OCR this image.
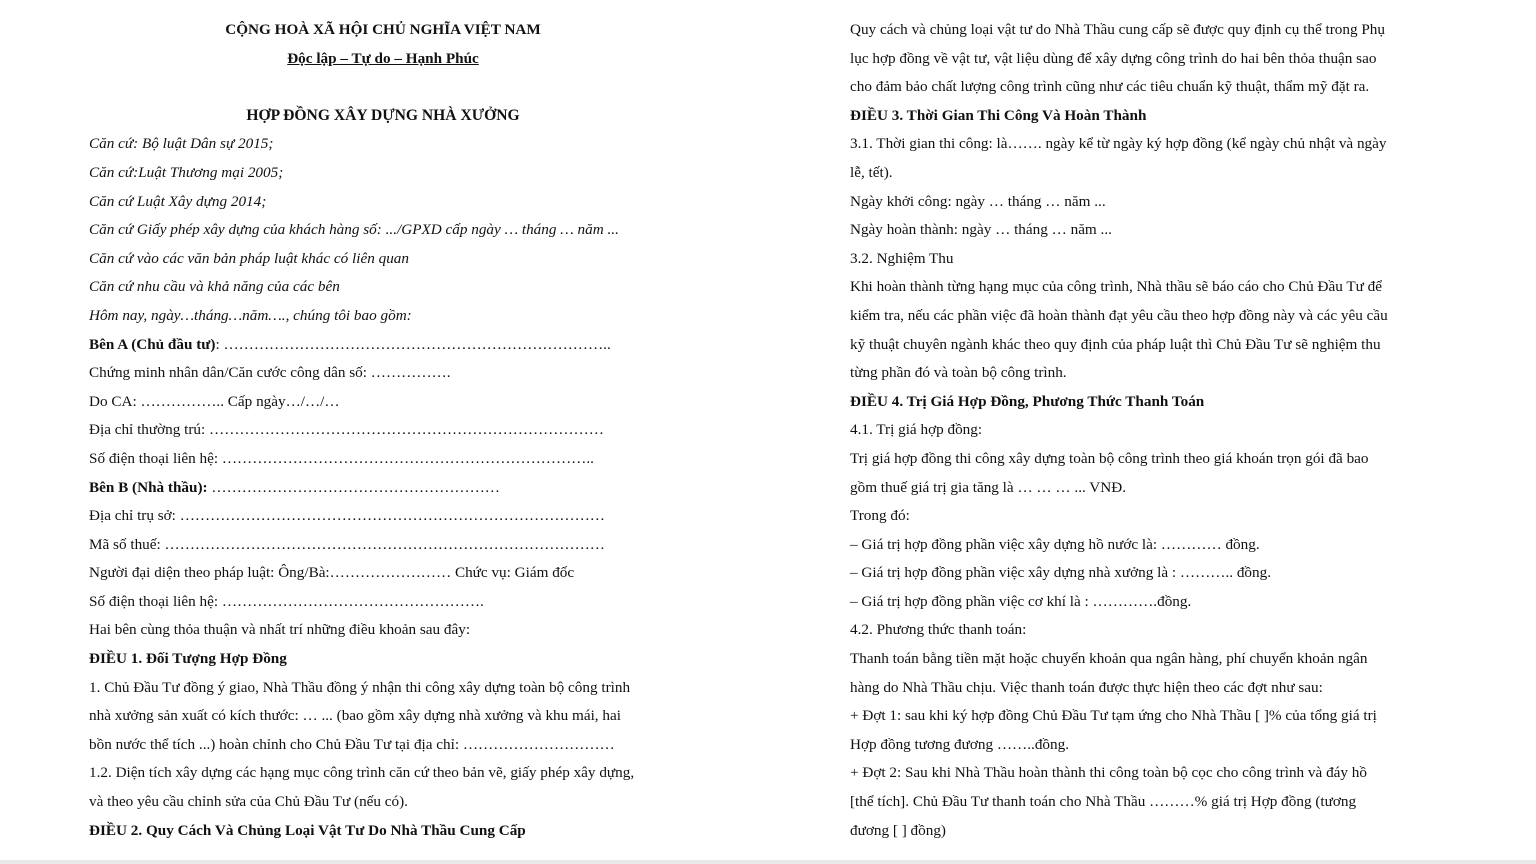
CỘNG HOÀ XÃ HỘI CHỦ NGHĨA VIỆT NAM
Độc lập – Tự do – Hạnh Phúc
HỢP ĐỒNG XÂY DỰNG NHÀ XƯỞNG
Căn cứ: Bộ luật Dân sự 2015;
Căn cứ:Luật Thương mại 2005;
Căn cứ Luật Xây dựng 2014;
Căn cứ Giấy phép xây dựng của khách hàng số: .../GPXD cấp ngày … tháng … năm ...
Căn cứ vào các văn bản pháp luật khác có liên quan
Căn cứ nhu cầu và khả năng của các bên
Hôm nay, ngày…tháng…năm…., chúng tôi bao gồm:
Bên A (Chủ đầu tư): …………………………………………………………………..
Chứng minh nhân dân/Căn cước công dân số: …………….
Do CA: …………….. Cấp ngày…/…/…
Địa chỉ thường trú: ……………………………………………………………………
Số điện thoại liên hệ: ………………………………………………………………..
Bên B (Nhà thầu): …………………………………………………
Địa chỉ trụ sở: …………………………………………………………………………
Mã số thuế: ……………………………………………………………………………
Người đại diện theo pháp luật: Ông/Bà:…………………… Chức vụ: Giám đốc
Số điện thoại liên hệ: …………………………………………….
Hai bên cùng thỏa thuận và nhất trí những điều khoản sau đây:
ĐIỀU 1. Đối Tượng Hợp Đồng
1. Chủ Đầu Tư đồng ý giao, Nhà Thầu đồng ý nhận thi công xây dựng toàn bộ công trình
nhà xưởng sản xuất có kích thước: … ... (bao gồm xây dựng nhà xưởng và khu mái, hai
bồn nước thể tích ...) hoàn chỉnh cho Chủ Đầu Tư tại địa chỉ: …………………………
1.2. Diện tích xây dựng các hạng mục công trình căn cứ theo bản vẽ, giấy phép xây dựng,
và theo yêu cầu chỉnh sửa của Chủ Đầu Tư (nếu có).
ĐIỀU 2. Quy Cách Và Chủng Loại Vật Tư Do Nhà Thầu Cung Cấp
Quy cách và chủng loại vật tư do Nhà Thầu cung cấp sẽ được quy định cụ thể trong Phụ
lục hợp đồng về vật tư, vật liệu dùng để xây dựng công trình do hai bên thỏa thuận sao
cho đảm bảo chất lượng công trình cũng như các tiêu chuẩn kỹ thuật, thẩm mỹ đặt ra.
ĐIỀU 3. Thời Gian Thi Công Và Hoàn Thành
3.1. Thời gian thi công: là……. ngày kể từ ngày ký hợp đồng (kể ngày chủ nhật và ngày
lễ, tết).
Ngày khởi công: ngày … tháng … năm ...
Ngày hoàn thành: ngày … tháng … năm ...
3.2. Nghiệm Thu
Khi hoàn thành từng hạng mục của công trình, Nhà thầu sẽ báo cáo cho Chủ Đầu Tư để
kiểm tra, nếu các phần việc đã hoàn thành đạt yêu cầu theo hợp đồng này và các yêu cầu
kỹ thuật chuyên ngành khác theo quy định của pháp luật thì Chủ Đầu Tư sẽ nghiệm thu
từng phần đó và toàn bộ công trình.
ĐIỀU 4. Trị Giá Hợp Đồng, Phương Thức Thanh Toán
4.1. Trị giá hợp đồng:
Trị giá hợp đồng thi công xây dựng toàn bộ công trình theo giá khoán trọn gói đã bao
gồm thuế giá trị gia tăng là … … … ... VNĐ.
Trong đó:
– Giá trị hợp đồng phần việc xây dựng hồ nước là: ………… đồng.
– Giá trị hợp đồng phần việc xây dựng nhà xưởng là : ……….. đồng.
– Giá trị hợp đồng phần việc cơ khí là : ………….đồng.
4.2. Phương thức thanh toán:
Thanh toán bằng tiền mặt hoặc chuyển khoản qua ngân hàng, phí chuyển khoản ngân
hàng do Nhà Thầu chịu. Việc thanh toán được thực hiện theo các đợt như sau:
+ Đợt 1: sau khi ký hợp đồng Chủ Đầu Tư tạm ứng cho Nhà Thầu [ ]% của tổng giá trị
Hợp đồng tương đương ……..đồng.
+ Đợt 2: Sau khi Nhà Thầu hoàn thành thi công toàn bộ cọc cho công trình và đáy hồ
[thể tích]. Chủ Đầu Tư thanh toán cho Nhà Thầu ………% giá trị Hợp đồng (tương
đương [ ] đồng)
